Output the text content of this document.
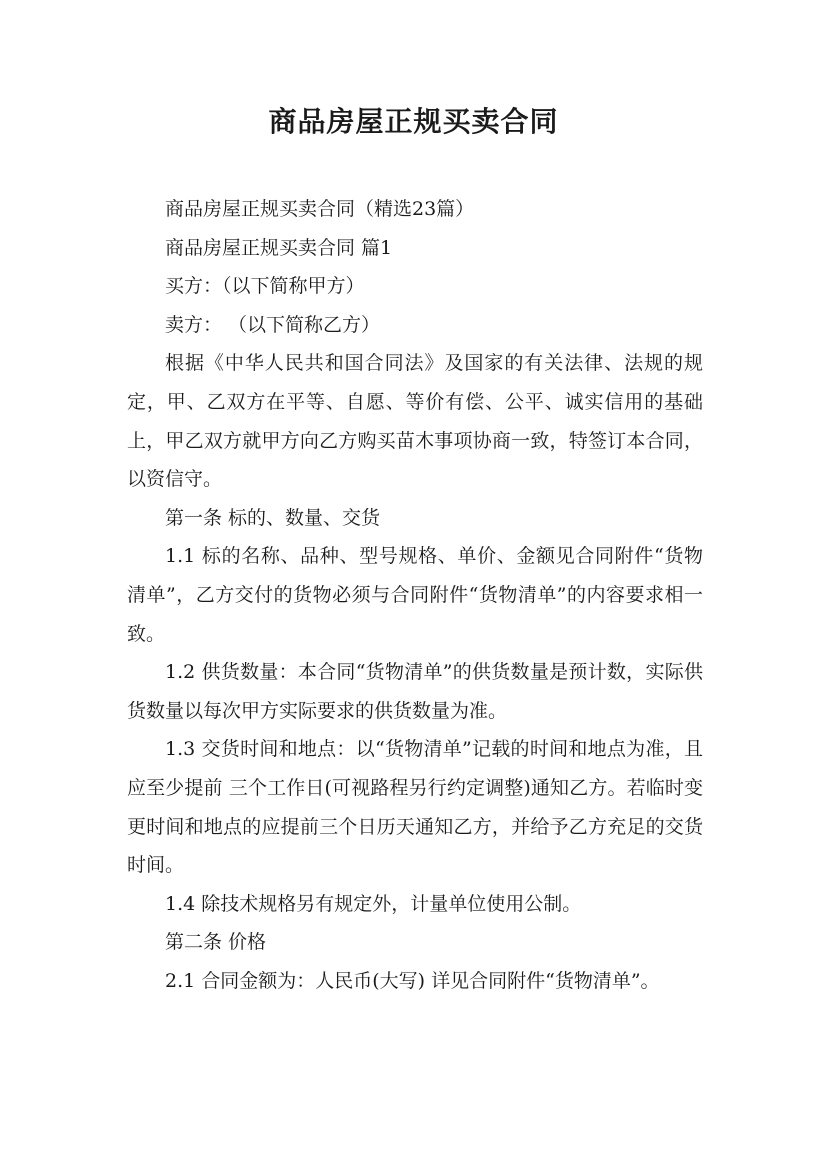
商品房屋正规买卖合同

商品房屋正规买卖合同（精选23篇）

商品房屋正规买卖合同 篇1

买方：（以下简称甲方）

卖方： （以下简称乙方）

根据《中华人民共和国合同法》及国家的有关法律、法规的规定，甲、乙双方在平等、自愿、等价有偿、公平、诚实信用的基础上，甲乙双方就甲方向乙方购买苗木事项协商一致，特签订本合同，以资信守。

第一条 标的、数量、交货

1.1 标的名称、品种、型号规格、单价、金额见合同附件“货物清单”，乙方交付的货物必须与合同附件“货物清单”的内容要求相一致。

1.2 供货数量：本合同“货物清单”的供货数量是预计数，实际供货数量以每次甲方实际要求的供货数量为准。

1.3 交货时间和地点：以“货物清单”记载的时间和地点为准，且应至少提前 三个工作日(可视路程另行约定调整)通知乙方。若临时变更时间和地点的应提前三个日历天通知乙方，并给予乙方充足的交货时间。

1.4 除技术规格另有规定外，计量单位使用公制。

第二条 价格

2.1 合同金额为：人民币(大写) 详见合同附件“货物清单”。
